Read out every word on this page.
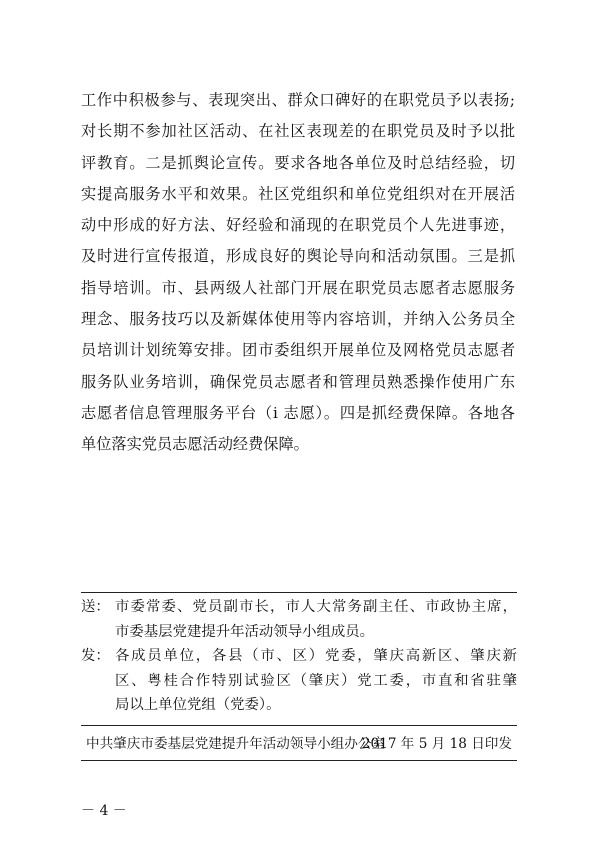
工作中积极参与、表现突出、群众口碑好的在职党员予以表扬;
对长期不参加社区活动、在社区表现差的在职党员及时予以批
评教育。二是抓舆论宣传。要求各地各单位及时总结经验，切
实提高服务水平和效果。社区党组织和单位党组织对在开展活
动中形成的好方法、好经验和涌现的在职党员个人先进事迹，
及时进行宣传报道，形成良好的舆论导向和活动氛围。三是抓
指导培训。市、县两级人社部门开展在职党员志愿者志愿服务
理念、服务技巧以及新媒体使用等内容培训，并纳入公务员全
员培训计划统筹安排。团市委组织开展单位及网格党员志愿者
服务队业务培训，确保党员志愿者和管理员熟悉操作使用广东
志愿者信息管理服务平台（i 志愿）。四是抓经费保障。各地各
单位落实党员志愿活动经费保障。
送： 市委常委、党员副市长，市人大常务副主任、市政协主席，
市委基层党建提升年活动领导小组成员。
发： 各成员单位，各县（市、区）党委，肇庆高新区、肇庆新
区、粤桂合作特别试验区（肇庆）党工委，市直和省驻肇
局以上单位党组（党委）。
中共肇庆市委基层党建提升年活动领导小组办公室
2017 年 5 月 18 日印发
－ 4 －
